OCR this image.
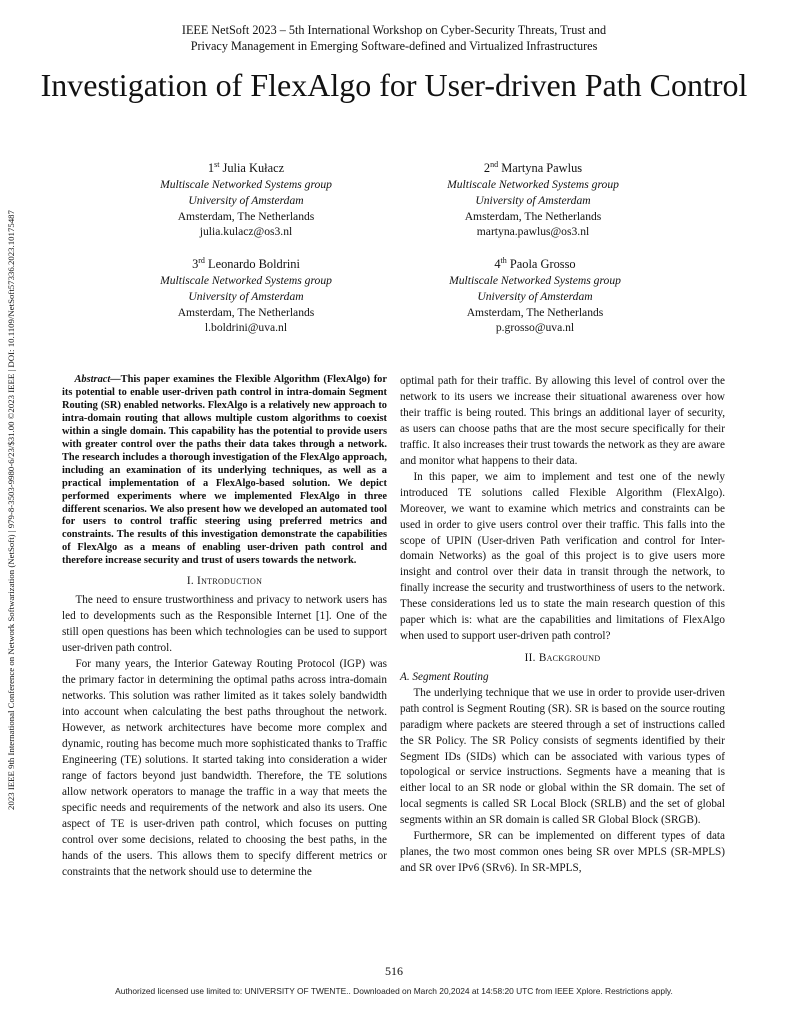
2023 IEEE 9th International Conference on Network Softwarization (NetSoft) | 979-8-3503-9980-6/23/$31.00 ©2023 IEEE | DOI: 10.1109/NetSoft57336.2023.10175487
IEEE NetSoft 2023 – 5th International Workshop on Cyber-Security Threats, Trust and
Privacy Management in Emerging Software-defined and Virtualized Infrastructures
Investigation of FlexAlgo for User-driven Path Control
1st Julia Kułacz
Multiscale Networked Systems group
University of Amsterdam
Amsterdam, The Netherlands
julia.kulacz@os3.nl
2nd Martyna Pawlus
Multiscale Networked Systems group
University of Amsterdam
Amsterdam, The Netherlands
martyna.pawlus@os3.nl
3rd Leonardo Boldrini
Multiscale Networked Systems group
University of Amsterdam
Amsterdam, The Netherlands
l.boldrini@uva.nl
4th Paola Grosso
Multiscale Networked Systems group
University of Amsterdam
Amsterdam, The Netherlands
p.grosso@uva.nl

Abstract—This paper examines the Flexible Algorithm (FlexAlgo) for its potential to enable user-driven path control in intra-domain Segment Routing (SR) enabled networks. FlexAlgo is a relatively new approach to intra-domain routing that allows multiple custom algorithms to coexist within a single domain. This capability has the potential to provide users with greater control over the paths their data takes through a network. The research includes a thorough investigation of the FlexAlgo approach, including an examination of its underlying techniques, as well as a practical implementation of a FlexAlgo-based solution. We depict performed experiments where we implemented FlexAlgo in three different scenarios. We also present how we developed an automated tool for users to control traffic steering using preferred metrics and constraints. The results of this investigation demonstrate the capabilities of FlexAlgo as a means of enabling user-driven path control and therefore increase security and trust of users towards the network.

I. Introduction

The need to ensure trustworthiness and privacy to network users has led to developments such as the Responsible Internet [1]. One of the still open questions has been which technologies can be used to support user-driven path control.

For many years, the Interior Gateway Routing Protocol (IGP) was the primary factor in determining the optimal paths across intra-domain networks. This solution was rather limited as it takes solely bandwidth into account when calculating the best paths throughout the network. However, as network architectures have become more complex and dynamic, routing has become much more sophisticated thanks to Traffic Engineering (TE) solutions. It started taking into consideration a wider range of factors beyond just bandwidth. Therefore, the TE solutions allow network operators to manage the traffic in a way that meets the specific needs and requirements of the network and also its users. One aspect of TE is user-driven path control, which focuses on putting control over some decisions, related to choosing the best paths, in the hands of the users. This allows them to specify different metrics or constraints that the network should use to determine the

optimal path for their traffic. By allowing this level of control over the network to its users we increase their situational awareness over how their traffic is being routed. This brings an additional layer of security, as users can choose paths that are the most secure specifically for their traffic. It also increases their trust towards the network as they are aware and monitor what happens to their data.

In this paper, we aim to implement and test one of the newly introduced TE solutions called Flexible Algorithm (FlexAlgo). Moreover, we want to examine which metrics and constraints can be used in order to give users control over their traffic. This falls into the scope of UPIN (User-driven Path verification and control for Inter-domain Networks) as the goal of this project is to give users more insight and control over their data in transit through the network, to finally increase the security and trustworthiness of users to the network. These considerations led us to state the main research question of this paper which is: what are the capabilities and limitations of FlexAlgo when used to support user-driven path control?

II. Background

A. Segment Routing

The underlying technique that we use in order to provide user-driven path control is Segment Routing (SR). SR is based on the source routing paradigm where packets are steered through a set of instructions called the SR Policy. The SR Policy consists of segments identified by their Segment IDs (SIDs) which can be associated with various types of topological or service instructions. Segments have a meaning that is either local to an SR node or global within the SR domain. The set of local segments is called SR Local Block (SRLB) and the set of global segments within an SR domain is called SR Global Block (SRGB).

Furthermore, SR can be implemented on different types of data planes, the two most common ones being SR over MPLS (SR-MPLS) and SR over IPv6 (SRv6). In SR-MPLS,

516
Authorized licensed use limited to: UNIVERSITY OF TWENTE.. Downloaded on March 20,2024 at 14:58:20 UTC from IEEE Xplore. Restrictions apply.
